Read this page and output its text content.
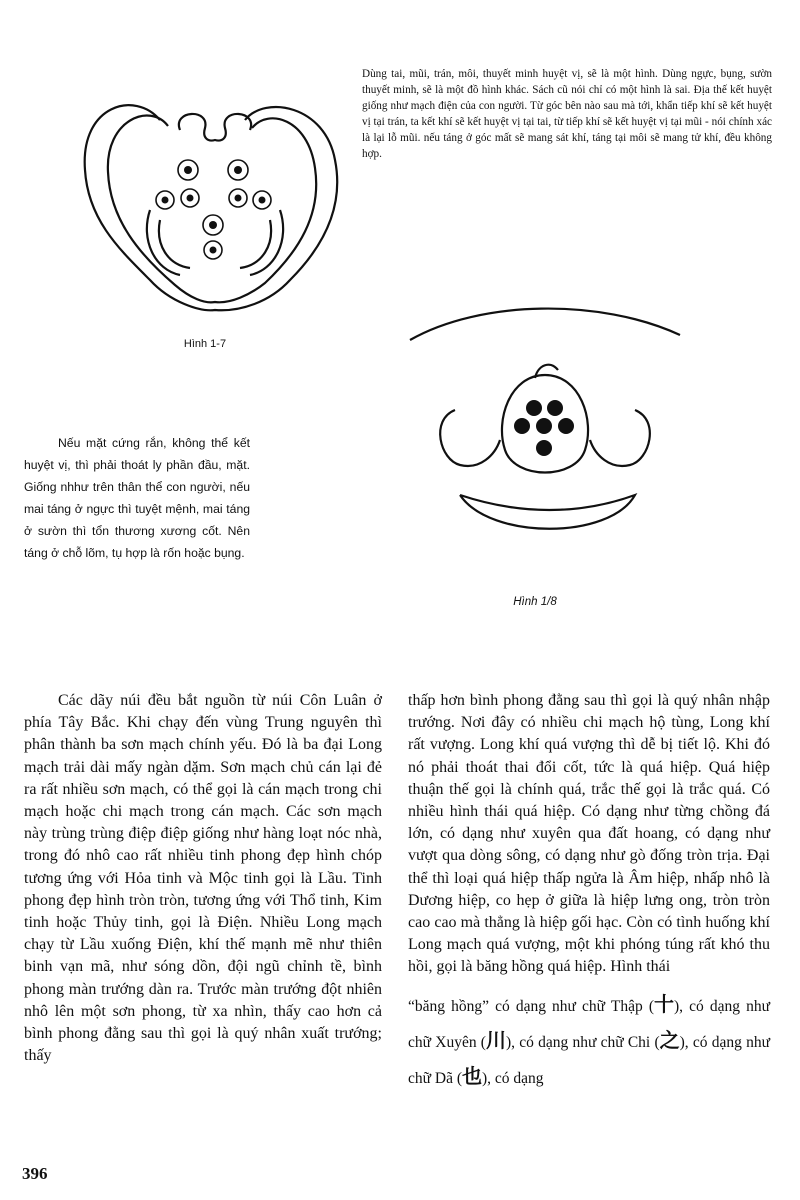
Hình 1-7
Dùng tai, mũi, trán, môi, thuyết minh huyệt vị, sẽ là một hình. Dùng ngực, bụng, sườn thuyết minh, sẽ là một đồ hình khác. Sách cũ nói chỉ có một hình là sai. Địa thế kết huyệt giống như mạch điện của con người. Từ góc bên nào sau mà tới, khẩn tiếp khí sẽ kết huyệt vị tại trán, ta kết khí sẽ kết huyệt vị tại tai, từ tiếp khí sẽ kết huyệt vị tại mũi - nói chính xác là lại lỗ mũi. nếu táng ở góc mất sẽ mang sát khí, táng tại môi sẽ mang tử khí, đều không hợp.
Hình 1/8
Nếu mặt cứng rắn, không thể kết huyệt vị, thì phải thoát ly phần đầu, mặt. Giống nhhư trên thân thể con người, nếu mai táng ở ngực thì tuyệt mệnh, mai táng ở sườn thì tổn thương xương cốt. Nên táng ở chỗ lõm, tụ hợp là rốn hoặc bụng.

Các dãy núi đều bắt nguồn từ núi Côn Luân ở phía Tây Bắc. Khi chạy đến vùng Trung nguyên thì phân thành ba sơn mạch chính yếu. Đó là ba đại Long mạch trải dài mấy ngàn dặm. Sơn mạch chủ cán lại đẻ ra rất nhiều sơn mạch, có thể gọi là cán mạch trong chi mạch hoặc chi mạch trong cán mạch. Các sơn mạch này trùng trùng điệp điệp giống như hàng loạt nóc nhà, trong đó nhô cao rất nhiều tinh phong đẹp hình chóp tương ứng với Hỏa tinh và Mộc tinh gọi là Lầu. Tinh phong đẹp hình tròn tròn, tương ứng với Thổ tinh, Kim tinh hoặc Thủy tinh, gọi là Điện. Nhiều Long mạch chạy từ Lầu xuống Điện, khí thế mạnh mẽ như thiên binh vạn mã, như sóng dồn, đội ngũ chỉnh tề, bình phong màn trướng dàn ra. Trước màn trướng đột nhiên nhô lên một sơn phong, từ xa nhìn, thấy cao hơn cả bình phong đằng sau thì gọi là quý nhân xuất trướng; thấy

thấp hơn bình phong đằng sau thì gọi là quý nhân nhập trướng. Nơi đây có nhiều chi mạch hộ tùng, Long khí rất vượng. Long khí quá vượng thì dễ bị tiết lộ. Khi đó nó phải thoát thai đổi cốt, tức là quá hiệp. Quá hiệp thuận thế gọi là chính quá, trắc thế gọi là trắc quá. Có nhiều hình thái quá hiệp. Có dạng như từng chồng đá lớn, có dạng như xuyên qua đất hoang, có dạng như vượt qua dòng sông, có dạng như gò đống tròn trịa. Đại thể thì loại quá hiệp thấp ngửa là Âm hiệp, nhấp nhô là Dương hiệp, co hẹp ở giữa là hiệp lưng ong, tròn tròn cao cao mà thẳng là hiệp gối hạc. Còn có tình huống khí Long mạch quá vượng, một khi phóng túng rất khó thu hồi, gọi là băng hồng quá hiệp. Hình thái

“băng hồng” có dạng như chữ Thập (十), có dạng như chữ Xuyên (川), có dạng như chữ Chi (之), có dạng như chữ Dã (也), có dạng

396
